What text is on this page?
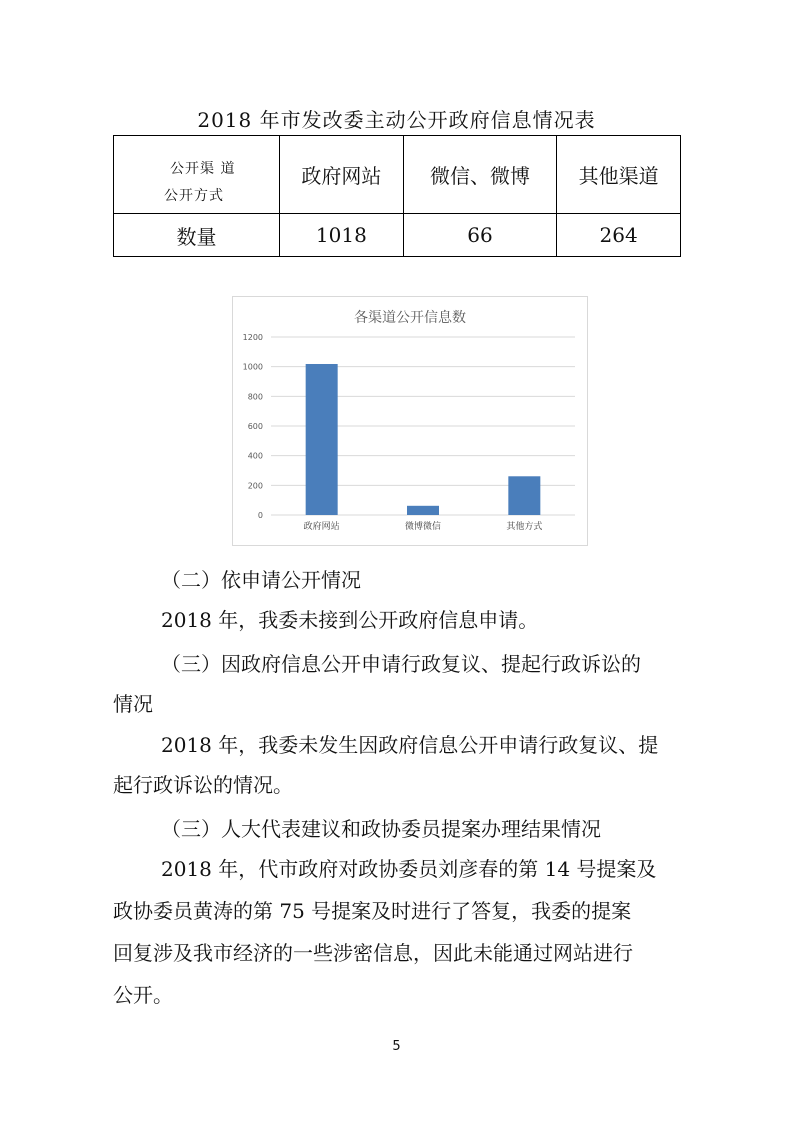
2018 年市发改委主动公开政府信息情况表
公开渠 道
公开方式	政府网站	微信、微博	其他渠道
数量	1018	66	264
各渠道公开信息数
0
200
400
600
800
1000
1200
政府网站	微博微信	其他方式
（二）依申请公开情况
2018 年，我委未接到公开政府信息申请。
（三）因政府信息公开申请行政复议、提起行政诉讼的
情况
2018 年，我委未发生因政府信息公开申请行政复议、提
起行政诉讼的情况。
（三）人大代表建议和政协委员提案办理结果情况
2018 年，代市政府对政协委员刘彦春的第 14 号提案及
政协委员黄涛的第 75 号提案及时进行了答复，我委的提案
回复涉及我市经济的一些涉密信息，因此未能通过网站进行
公开。
5
